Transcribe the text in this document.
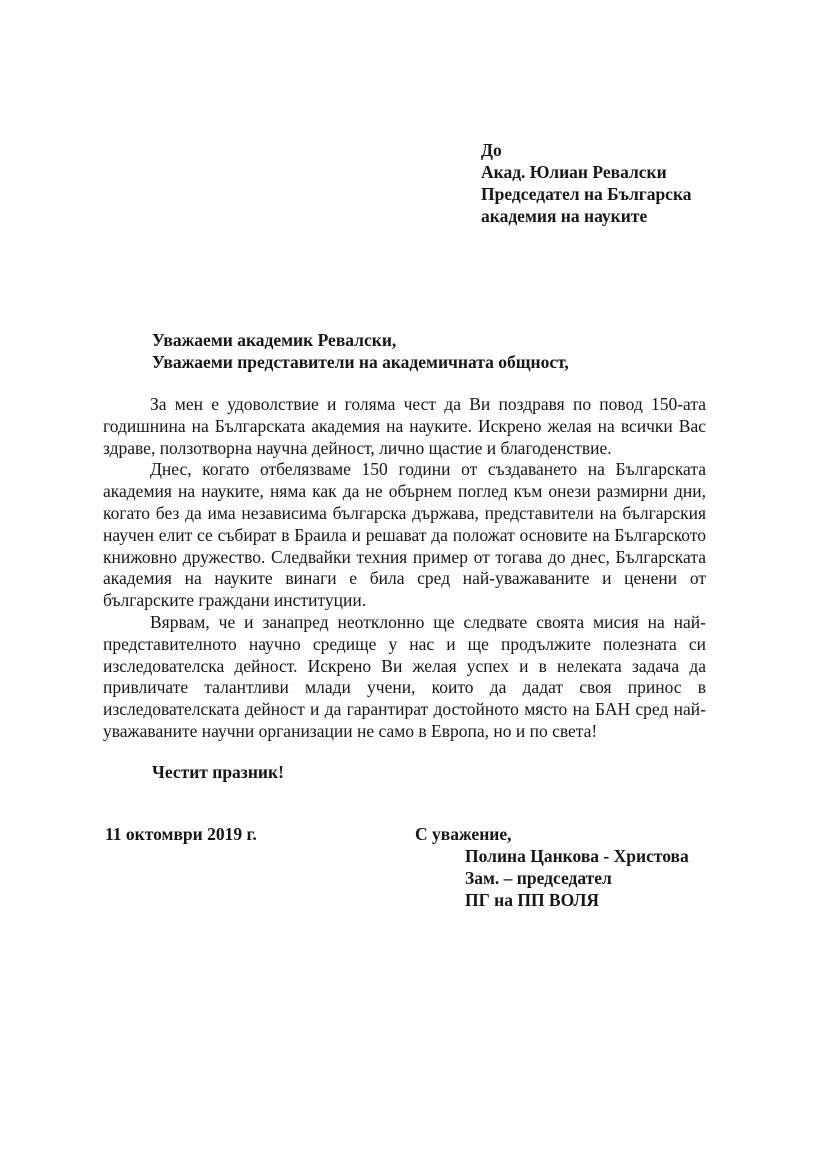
До
Акад. Юлиан Ревалски
Председател на Българска
академия на науките
Уважаеми академик Ревалски,
Уважаеми представители на академичната общност,

За мен е удоволствие и голяма чест да Ви поздравя по повод 150-ата годишнина на Българската академия на науките. Искрено желая на всички Вас здраве, ползотворна научна дейност, лично щастие и благоденствие.

Днес, когато отбелязваме 150 години от създаването на Българската академия на науките, няма как да не обърнем поглед към онези размирни дни, когато без да има независима българска държава, представители на българския научен елит се събират в Браила и решават да положат основите на Българското книжовно дружество. Следвайки техния пример от тогава до днес, Българската академия на науките винаги е била сред най-уважаваните и ценени от българските граждани институции.

Вярвам, че и занапред неотклонно ще следвате своята мисия на най-представителното научно средище у нас и ще продължите полезната си изследователска дейност. Искрено Ви желая успех и в нелеката задача да привличате талантливи млади учени, които да дадат своя принос в изследователската дейност и да гарантират достойното място на БАН сред най-уважаваните научни организации не само в Европа, но и по света!

Честит празник!
11 октомври 2019 г.	С уважение,
Полина Цанкова - Христова
Зам. – председател
ПГ на ПП ВОЛЯ
